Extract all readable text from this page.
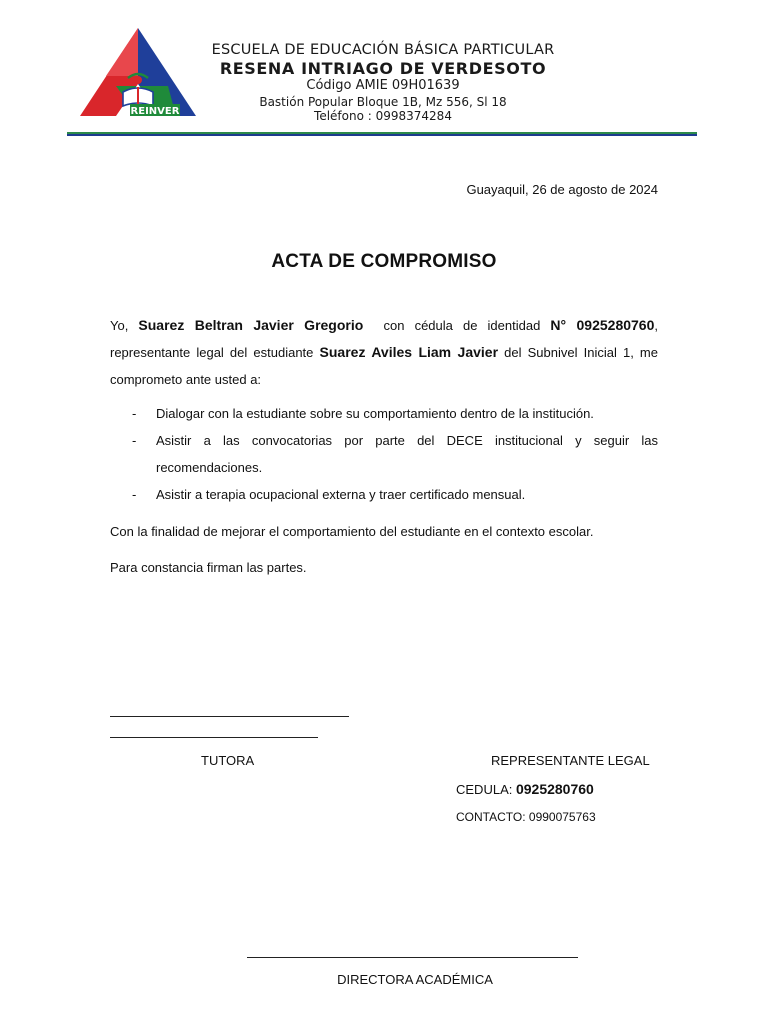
REINVER
ESCUELA DE EDUCACIÓN BÁSICA PARTICULAR
RESENA INTRIAGO DE VERDESOTO
Código AMIE 09H01639
Bastión Popular Bloque 1B, Mz 556, Sl 18
Teléfono : 0998374284
Guayaquil, 26 de agosto de 2024
ACTA DE COMPROMISO
Yo, Suarez Beltran Javier Gregorio  con cédula de identidad N° 0925280760, representante legal del estudiante Suarez Aviles Liam Javier del Subnivel Inicial 1, me comprometo ante usted a:
- Dialogar con la estudiante sobre su comportamiento dentro de la institución.
- Asistir a las convocatorias por parte del DECE institucional y seguir las recomendaciones.
- Asistir a terapia ocupacional externa y traer certificado mensual.
Con la finalidad de mejorar el comportamiento del estudiante en el contexto escolar.
Para constancia firman las partes.
TUTORA	REPRESENTANTE LEGAL
CEDULA: 0925280760
CONTACTO: 0990075763
DIRECTORA ACADÉMICA
